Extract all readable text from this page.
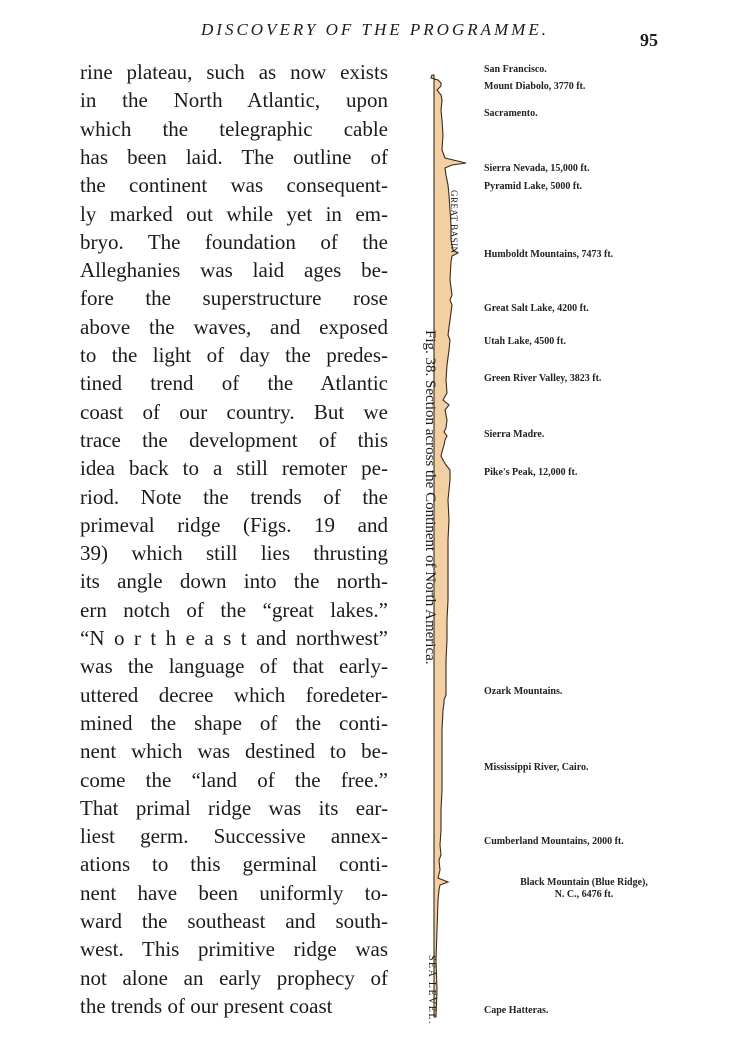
DISCOVERY OF THE PROGRAMME.
95
rine plateau, such as now exists
in the North Atlantic, upon
which the telegraphic cable
has been laid. The outline of
the continent was consequent-
ly marked out while yet in em-
bryo. The foundation of the
Alleghanies was laid ages be-
fore the superstructure rose
above the waves, and exposed
to the light of day the predes-
tined trend of the Atlantic
coast of our country. But we
trace the development of this
idea back to a still remoter pe-
riod. Note the trends of the
primeval ridge (Figs. 19 and
39) which still lies thrusting
its angle down into the north-
ern notch of the “great lakes.”
“N o r t h e a s t and northwest”
was the language of that early-
uttered decree which foredeter-
mined the shape of the conti-
nent which was destined to be-
come the “land of the free.”
That primal ridge was its ear-
liest germ. Successive annex-
ations to this germinal conti-
nent have been uniformly to-
ward the southeast and south-
west. This primitive ridge was
not alone an early prophecy of
the trends of our present coast
GREAT BASIN
SEA LEVEL.
Fig. 38. Section across the Continent of North America.
San Francisco.
Mount Diabolo, 3770 ft.
Sacramento.
Sierra Nevada, 15,000 ft.
Pyramid Lake, 5000 ft.
Humboldt Mountains, 7473 ft.
Great Salt Lake, 4200 ft.
Utah Lake, 4500 ft.
Green River Valley, 3823 ft.
Sierra Madre.
Pike's Peak, 12,000 ft.
Ozark Mountains.
Mississippi River, Cairo.
Cumberland Mountains, 2000 ft.
Black Mountain (Blue Ridge),
N. C., 6476 ft.
Cape Hatteras.
